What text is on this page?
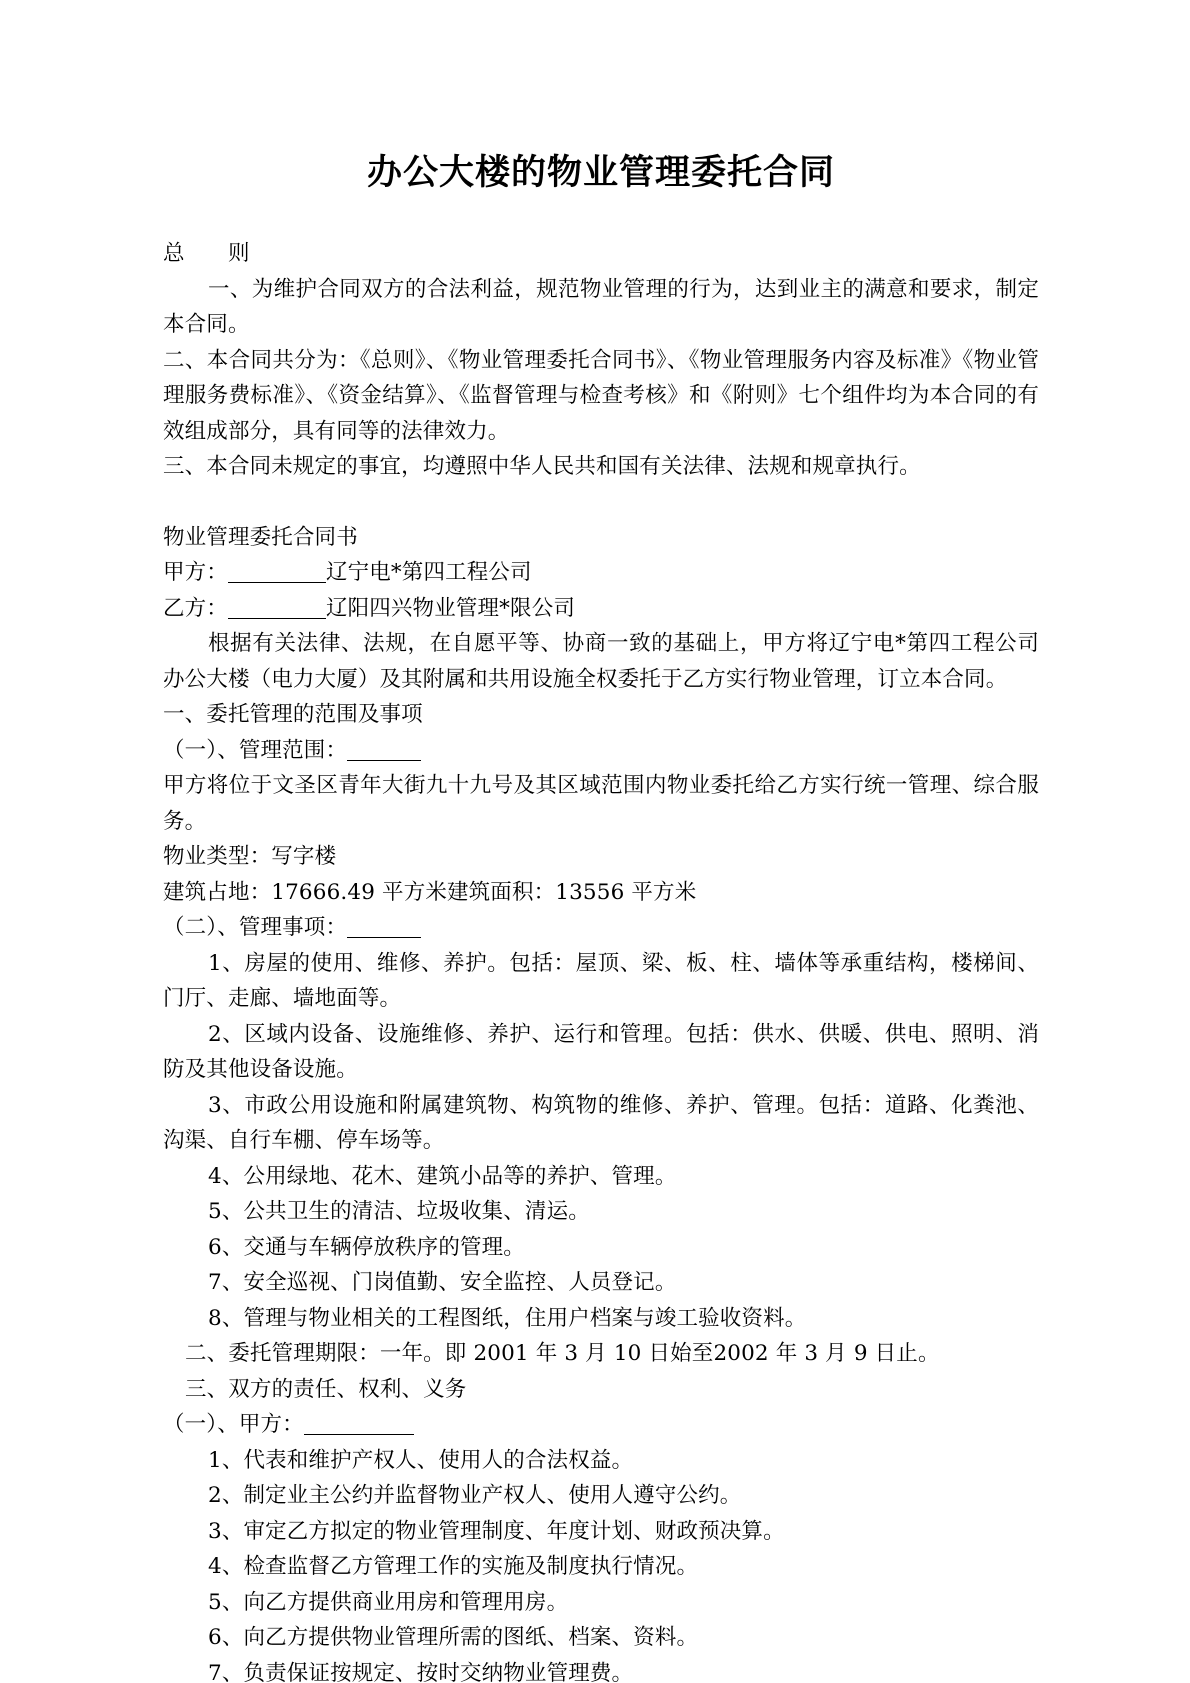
办公大楼的物业管理委托合同

总　则

一、为维护合同双方的合法利益，规范物业管理的行为，达到业主的满意和要求，制定本合同。

二、本合同共分为：《总则》、《物业管理委托合同书》、《物业管理服务内容及标准》《物业管理服务费标准》、《资金结算》、《监督管理与检查考核》和《附则》七个组件均为本合同的有效组成部分，具有同等的法律效力。

三、本合同未规定的事宜，均遵照中华人民共和国有关法律、法规和规章执行。

物业管理委托合同书

甲方：	辽宁电*第四工程公司

乙方：	辽阳四兴物业管理*限公司

根据有关法律、法规，在自愿平等、协商一致的基础上，甲方将辽宁电*第四工程公司办公大楼（电力大厦）及其附属和共用设施全权委托于乙方实行物业管理，订立本合同。

一、委托管理的范围及事项

（一）、管理范围：

甲方将位于文圣区青年大街九十九号及其区域范围内物业委托给乙方实行统一管理、综合服务。

物业类型：写字楼

建筑占地：17666.49 平方米建筑面积：13556 平方米

（二）、管理事项：

1、房屋的使用、维修、养护。包括：屋顶、梁、板、柱、墙体等承重结构，楼梯间、门厅、走廊、墙地面等。

2、区域内设备、设施维修、养护、运行和管理。包括：供水、供暖、供电、照明、消防及其他设备设施。

3、市政公用设施和附属建筑物、构筑物的维修、养护、管理。包括：道路、化粪池、沟渠、自行车棚、停车场等。

4、公用绿地、花木、建筑小品等的养护、管理。

5、公共卫生的清洁、垃圾收集、清运。

6、交通与车辆停放秩序的管理。

7、安全巡视、门岗值勤、安全监控、人员登记。

8、管理与物业相关的工程图纸，住用户档案与竣工验收资料。

二、委托管理期限：一年。即 2001 年 3 月 10 日始至2002 年 3 月 9 日止。

三、双方的责任、权利、义务

（一）、甲方：

1、代表和维护产权人、使用人的合法权益。

2、制定业主公约并监督物业产权人、使用人遵守公约。

3、审定乙方拟定的物业管理制度、年度计划、财政预决算。

4、检查监督乙方管理工作的实施及制度执行情况。

5、向乙方提供商业用房和管理用房。

6、向乙方提供物业管理所需的图纸、档案、资料。

7、负责保证按规定、按时交纳物业管理费。
